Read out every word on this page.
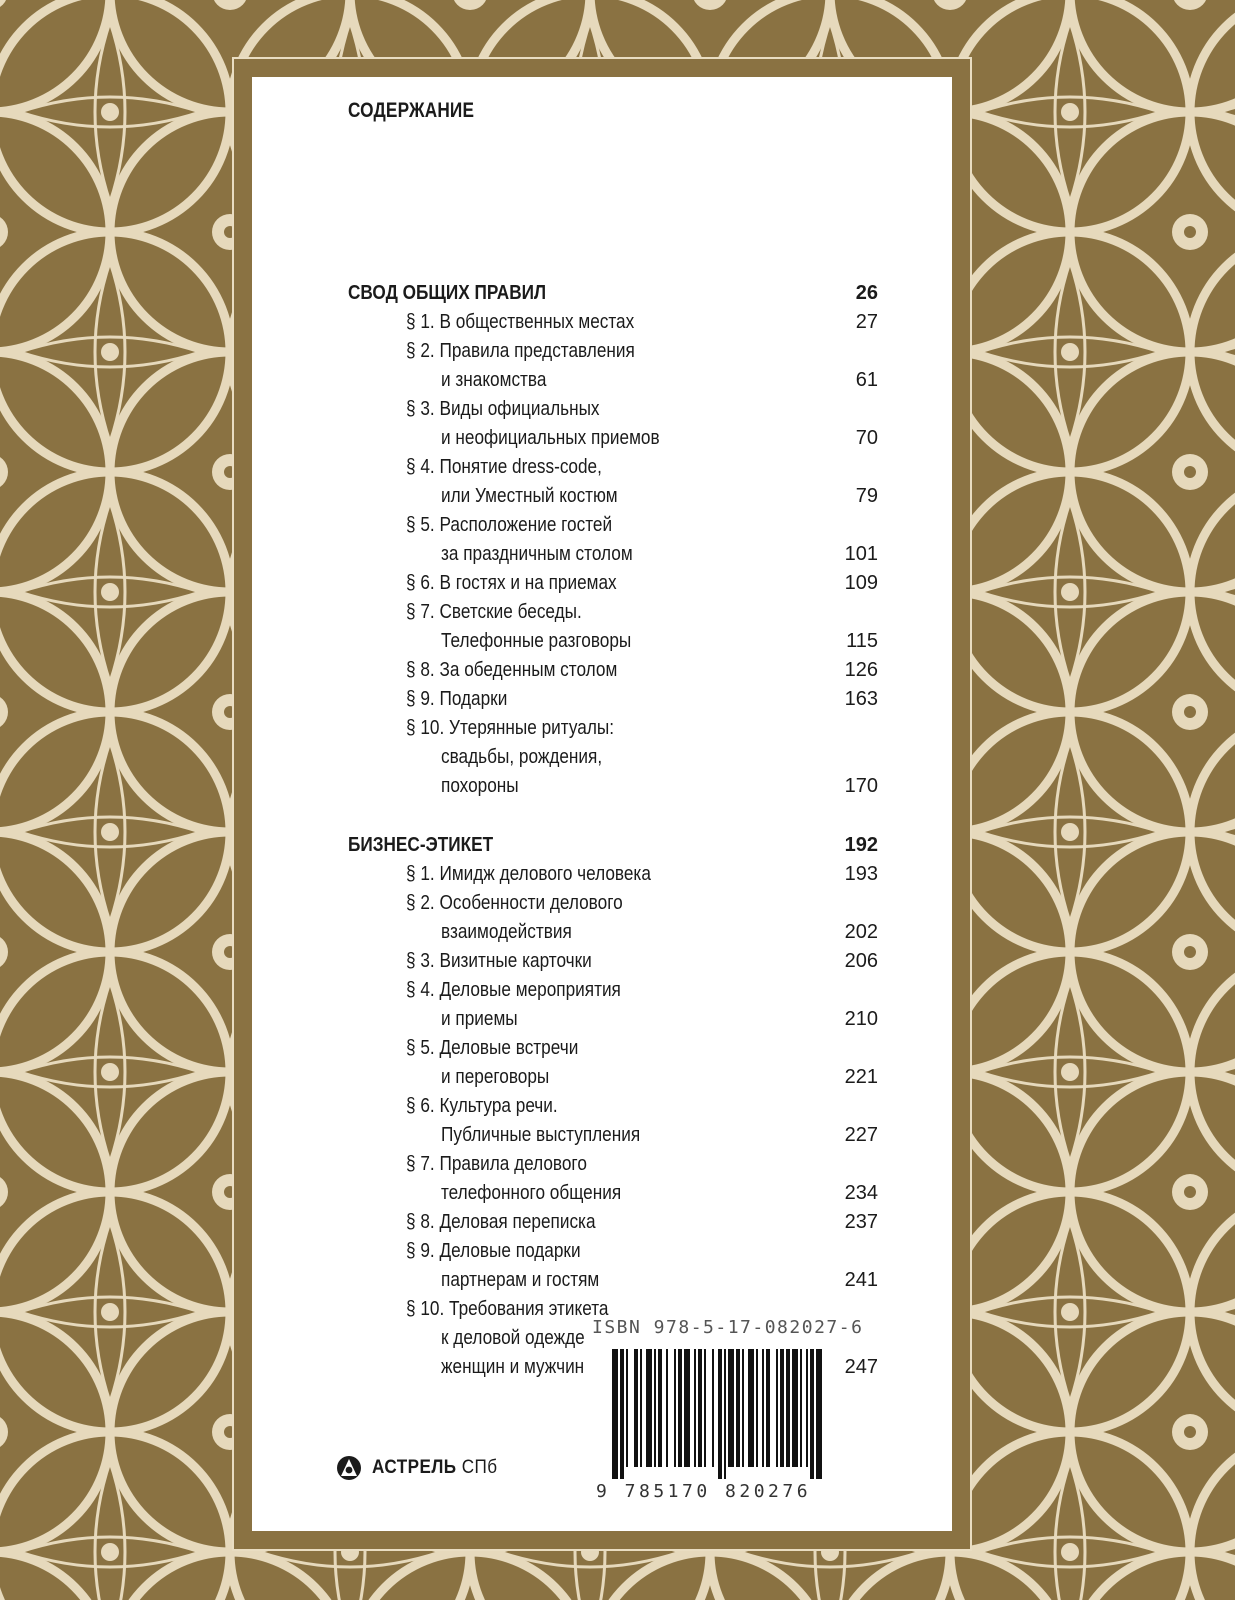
СОДЕРЖАНИЕ
СВОД ОБЩИХ ПРАВИЛ	26
§ 1. В общественных местах	27
§ 2. Правила представления
и знакомства	61
§ 3. Виды официальных
и неофициальных приемов	70
§ 4. Понятие dress-code,
или Уместный костюм	79
§ 5. Расположение гостей
за праздничным столом	101
§ 6. В гостях и на приемах	109
§ 7. Светские беседы.
Телефонные разговоры	115
§ 8. За обеденным столом	126
§ 9. Подарки	163
§ 10. Утерянные ритуалы:
свадьбы, рождения,
похороны	170
БИЗНЕС-ЭТИКЕТ	192
§ 1. Имидж делового человека	193
§ 2. Особенности делового
взаимодействия	202
§ 3. Визитные карточки	206
§ 4. Деловые мероприятия
и приемы	210
§ 5. Деловые встречи
и переговоры	221
§ 6. Культура речи.
Публичные выступления	227
§ 7. Правила делового
телефонного общения	234
§ 8. Деловая переписка	237
§ 9. Деловые подарки
партнерам и гостям	241
§ 10. Требования этикета
к деловой одежде
женщин и мужчин	247
ISBN 978-5-17-082027-6
9 785170 820276
АСТРЕЛЬ СПб
